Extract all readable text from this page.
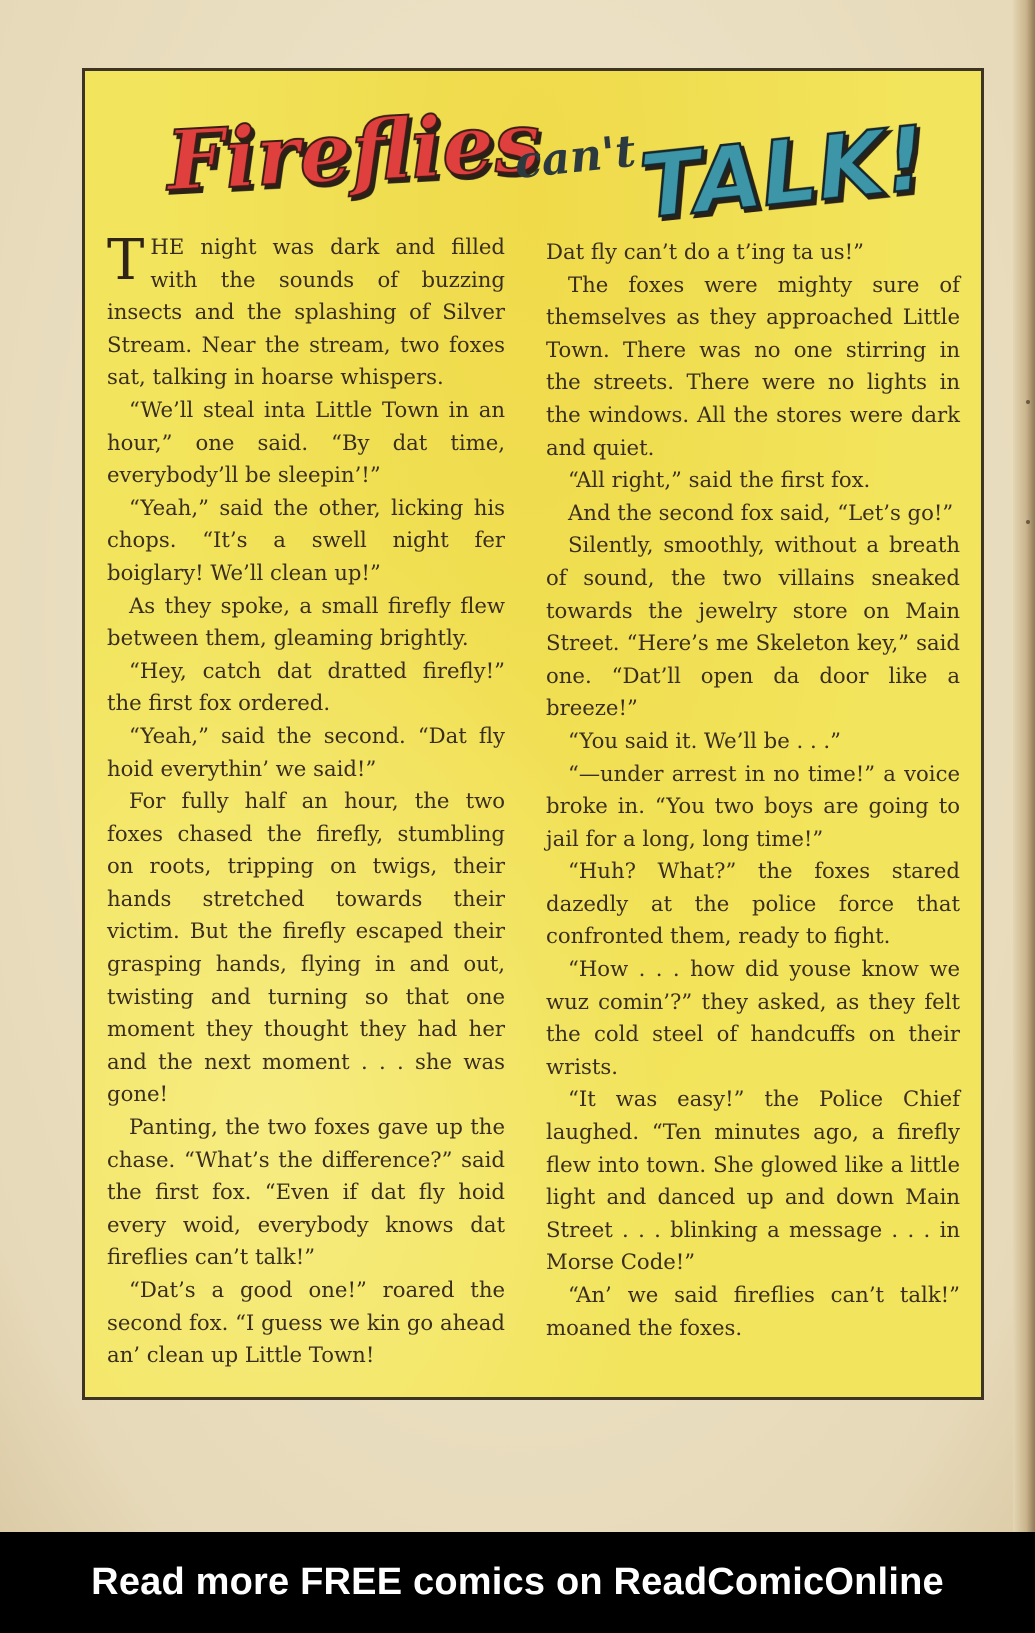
Fireflies
can't
TALK!

THE night was dark and filled with the sounds of buzzing insects and the splashing of Silver Stream. Near the stream, two foxes sat, talking in hoarse whispers.

“We’ll steal inta Little Town in an hour,” one said. “By dat time, everybody’ll be sleepin’!”

“Yeah,” said the other, licking his chops. “It’s a swell night fer boiglary! We’ll clean up!”

As they spoke, a small firefly flew between them, gleaming brightly.

“Hey, catch dat dratted firefly!” the first fox ordered.

“Yeah,” said the second. “Dat fly hoid everythin’ we said!”

For fully half an hour, the two foxes chased the firefly, stumbling on roots, tripping on twigs, their hands stretched towards their victim. But the firefly escaped their grasping hands, flying in and out, twisting and turning so that one moment they thought they had her and the next moment . . . she was gone!

Panting, the two foxes gave up the chase. “What’s the difference?” said the first fox. “Even if dat fly hoid every woid, everybody knows dat fireflies can’t talk!”

“Dat’s a good one!” roared the second fox. “I guess we kin go ahead an’ clean up Little Town!

Dat fly can’t do a t’ing ta us!”

The foxes were mighty sure of themselves as they approached Little Town. There was no one stirring in the streets. There were no lights in the windows. All the stores were dark and quiet.

“All right,” said the first fox.

And the second fox said, “Let’s go!”

Silently, smoothly, without a breath of sound, the two villains sneaked towards the jewelry store on Main Street. “Here’s me Skeleton key,” said one. “Dat’ll open da door like a breeze!”

“You said it. We’ll be . . .”

“—under arrest in no time!” a voice broke in. “You two boys are going to jail for a long, long time!”

“Huh? What?” the foxes stared dazedly at the police force that confronted them, ready to fight.

“How . . . how did youse know we wuz comin’?” they asked, as they felt the cold steel of handcuffs on their wrists.

“It was easy!” the Police Chief laughed. “Ten minutes ago, a firefly flew into town. She glowed like a little light and danced up and down Main Street . . . blinking a message . . . in Morse Code!”

“An’ we said fireflies can’t talk!” moaned the foxes.

Read more FREE comics on ReadComicOnline
